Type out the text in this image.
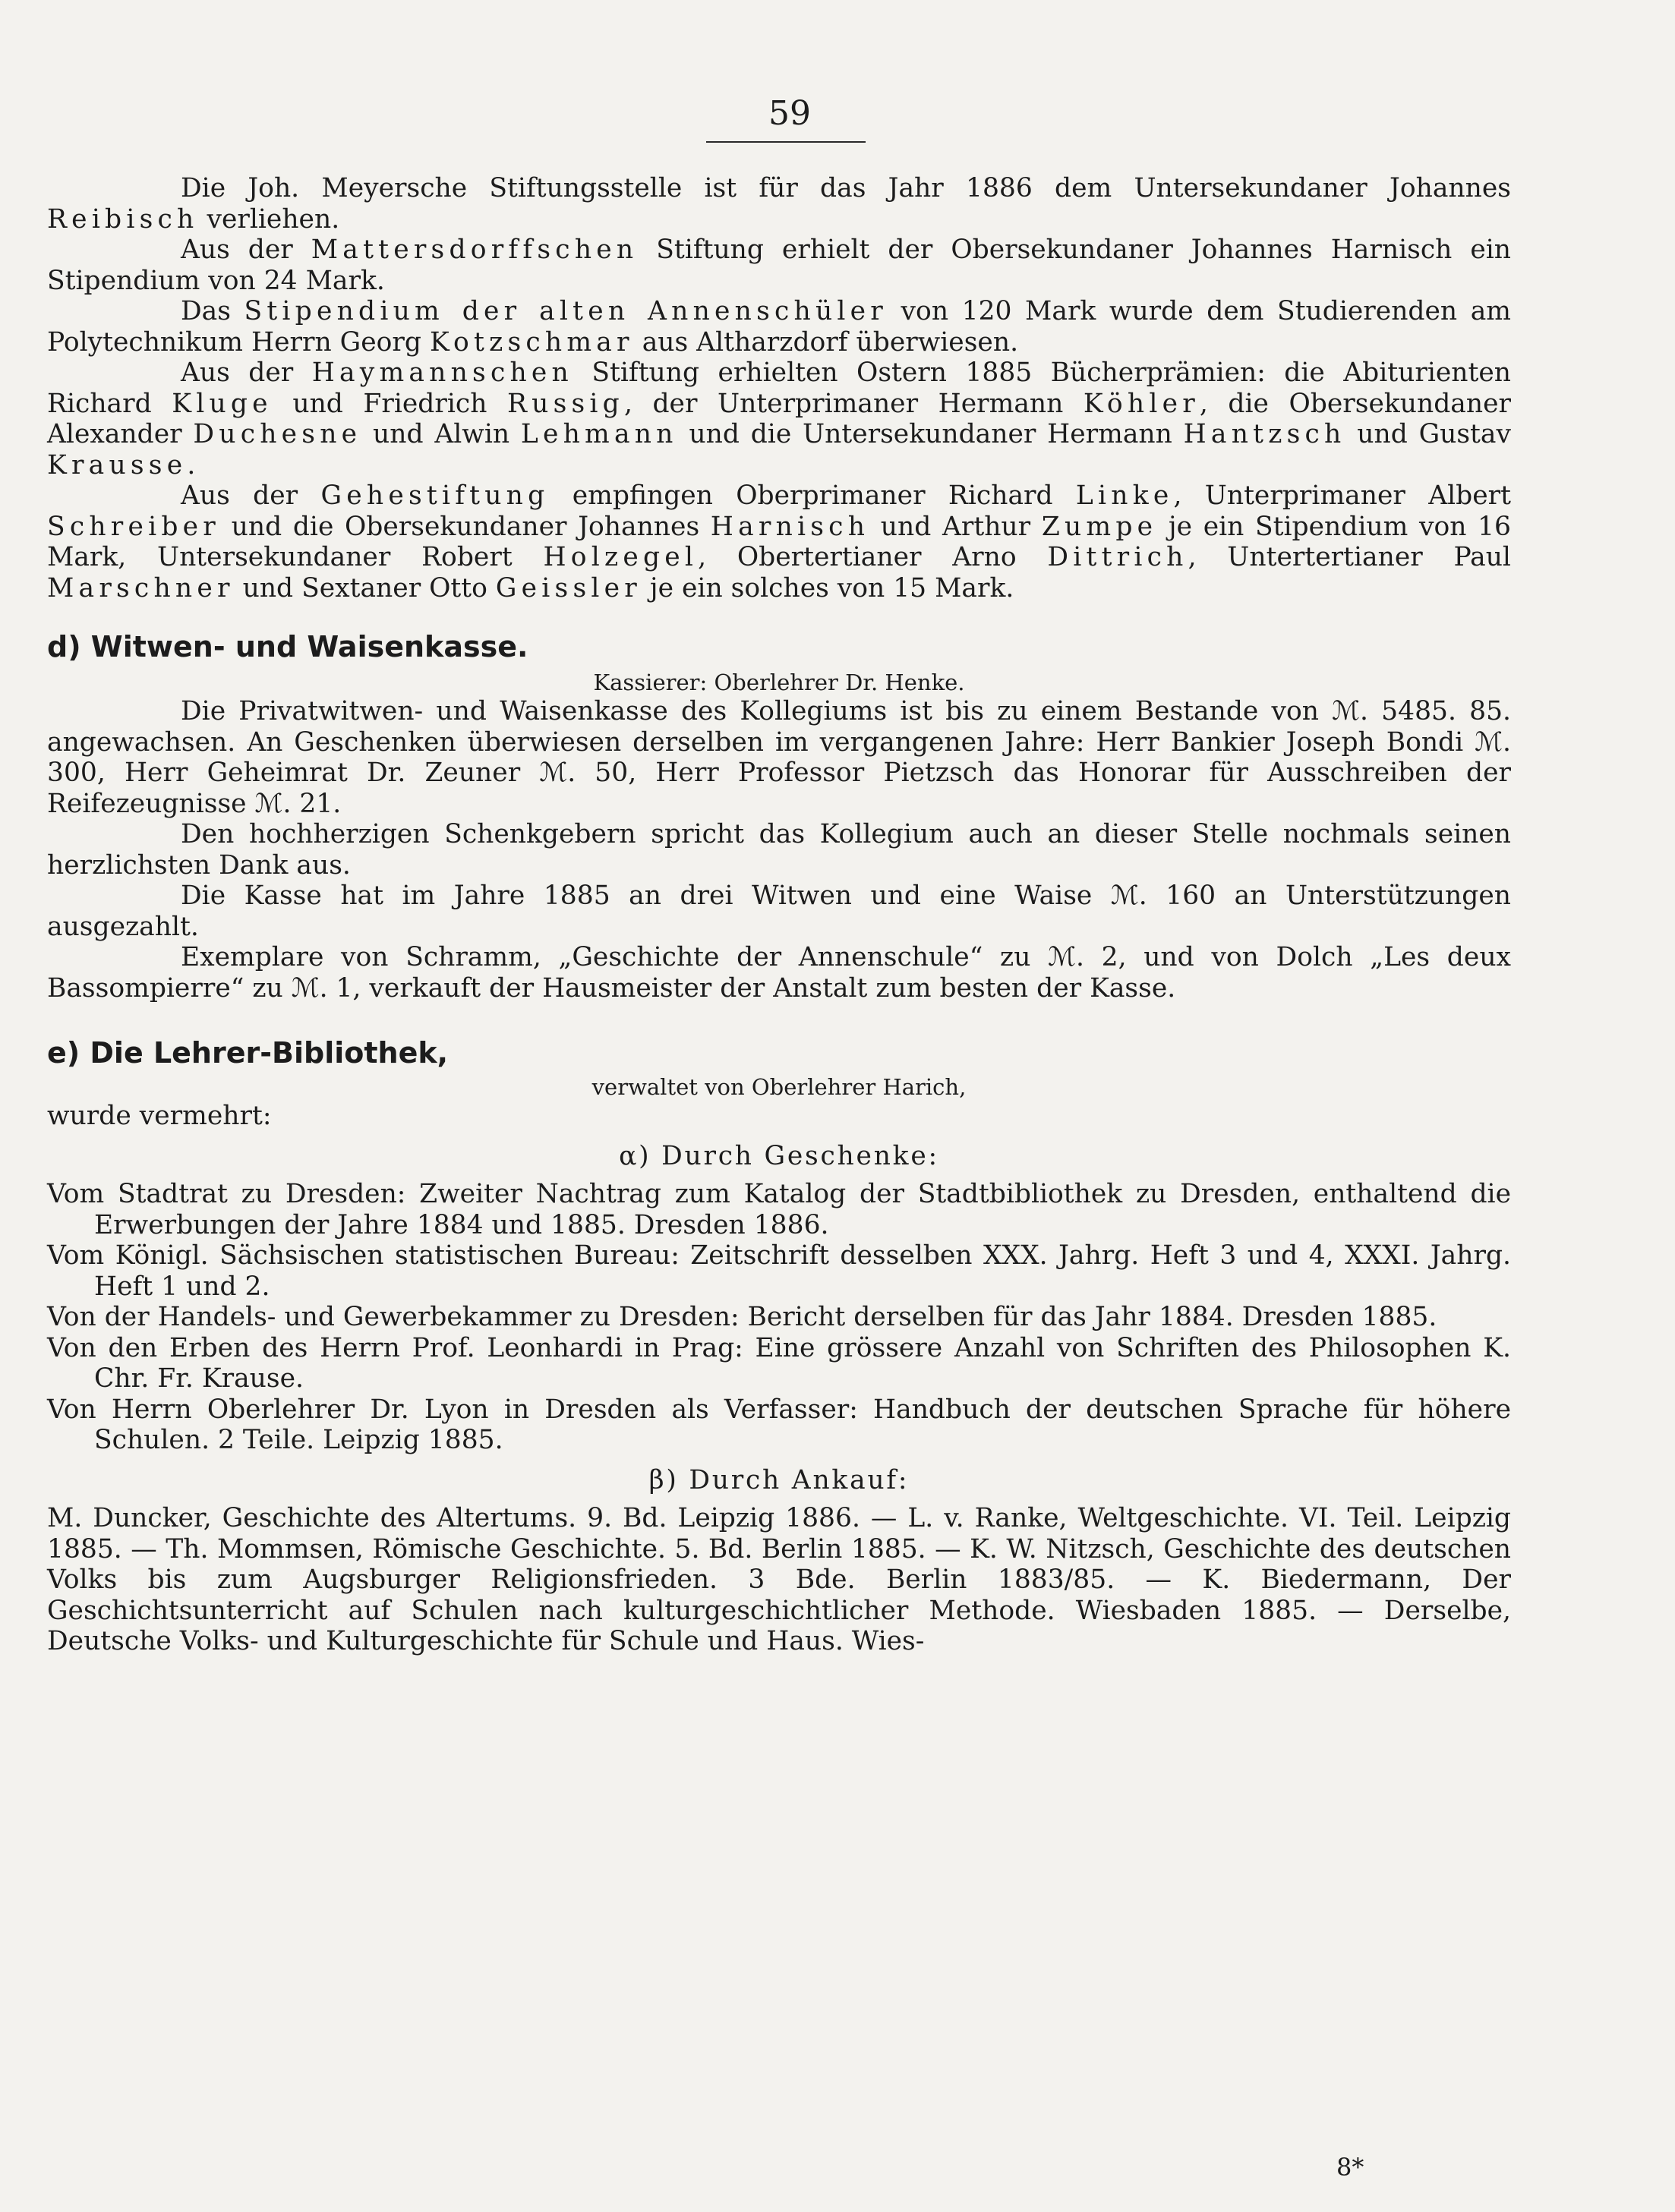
59

Die Joh. Meyersche Stiftungsstelle ist für das Jahr 1886 dem Untersekundaner Johannes Reibisch verliehen.

Aus der Mattersdorffschen Stiftung erhielt der Obersekundaner Johannes Harnisch ein Stipendium von 24 Mark.

Das Stipendium der alten Annenschüler von 120 Mark wurde dem Studierenden am Polytechnikum Herrn Georg Kotzschmar aus Altharzdorf überwiesen.

Aus der Haymannschen Stiftung erhielten Ostern 1885 Bücherprämien: die Abiturienten Richard Kluge und Friedrich Russig, der Unterprimaner Hermann Köhler, die Obersekundaner Alexander Duchesne und Alwin Lehmann und die Untersekundaner Hermann Hantzsch und Gustav Krausse.

Aus der Gehestiftung empfingen Oberprimaner Richard Linke, Unterprimaner Albert Schreiber und die Obersekundaner Johannes Harnisch und Arthur Zumpe je ein Stipendium von 16 Mark, Untersekundaner Robert Holzegel, Obertertianer Arno Dittrich, Untertertianer Paul Marschner und Sextaner Otto Geissler je ein solches von 15 Mark.

d) Witwen- und Waisenkasse.

Kassierer: Oberlehrer Dr. Henke.

Die Privatwitwen- und Waisenkasse des Kollegiums ist bis zu einem Bestande von ℳ. 5485. 85. angewachsen. An Geschenken überwiesen derselben im vergangenen Jahre: Herr Bankier Joseph Bondi ℳ. 300, Herr Geheimrat Dr. Zeuner ℳ. 50, Herr Professor Pietzsch das Honorar für Ausschreiben der Reifezeugnisse ℳ. 21.

Den hochherzigen Schenkgebern spricht das Kollegium auch an dieser Stelle nochmals seinen herzlichsten Dank aus.

Die Kasse hat im Jahre 1885 an drei Witwen und eine Waise ℳ. 160 an Unterstützungen ausgezahlt.

Exemplare von Schramm, „Geschichte der Annenschule“ zu ℳ. 2, und von Dolch „Les deux Bassompierre“ zu ℳ. 1, verkauft der Hausmeister der Anstalt zum besten der Kasse.

e) Die Lehrer-Bibliothek,

verwaltet von Oberlehrer Harich,

wurde vermehrt:

α) Durch Geschenke:

Vom Stadtrat zu Dresden: Zweiter Nachtrag zum Katalog der Stadtbibliothek zu Dresden, enthaltend die Erwerbungen der Jahre 1884 und 1885. Dresden 1886.

Vom Königl. Sächsischen statistischen Bureau: Zeitschrift desselben XXX. Jahrg. Heft 3 und 4, XXXI. Jahrg. Heft 1 und 2.

Von der Handels- und Gewerbekammer zu Dresden: Bericht derselben für das Jahr 1884. Dresden 1885.

Von den Erben des Herrn Prof. Leonhardi in Prag: Eine grössere Anzahl von Schriften des Philosophen K. Chr. Fr. Krause.

Von Herrn Oberlehrer Dr. Lyon in Dresden als Verfasser: Handbuch der deutschen Sprache für höhere Schulen. 2 Teile. Leipzig 1885.

β) Durch Ankauf:

M. Duncker, Geschichte des Altertums. 9. Bd. Leipzig 1886. — L. v. Ranke, Weltgeschichte. VI. Teil. Leipzig 1885. — Th. Mommsen, Römische Geschichte. 5. Bd. Berlin 1885. — K. W. Nitzsch, Geschichte des deutschen Volks bis zum Augsburger Religionsfrieden. 3 Bde. Berlin 1883/85. — K. Biedermann, Der Geschichtsunterricht auf Schulen nach kulturgeschichtlicher Methode. Wiesbaden 1885. — Derselbe, Deutsche Volks- und Kulturgeschichte für Schule und Haus. Wies-

8*
